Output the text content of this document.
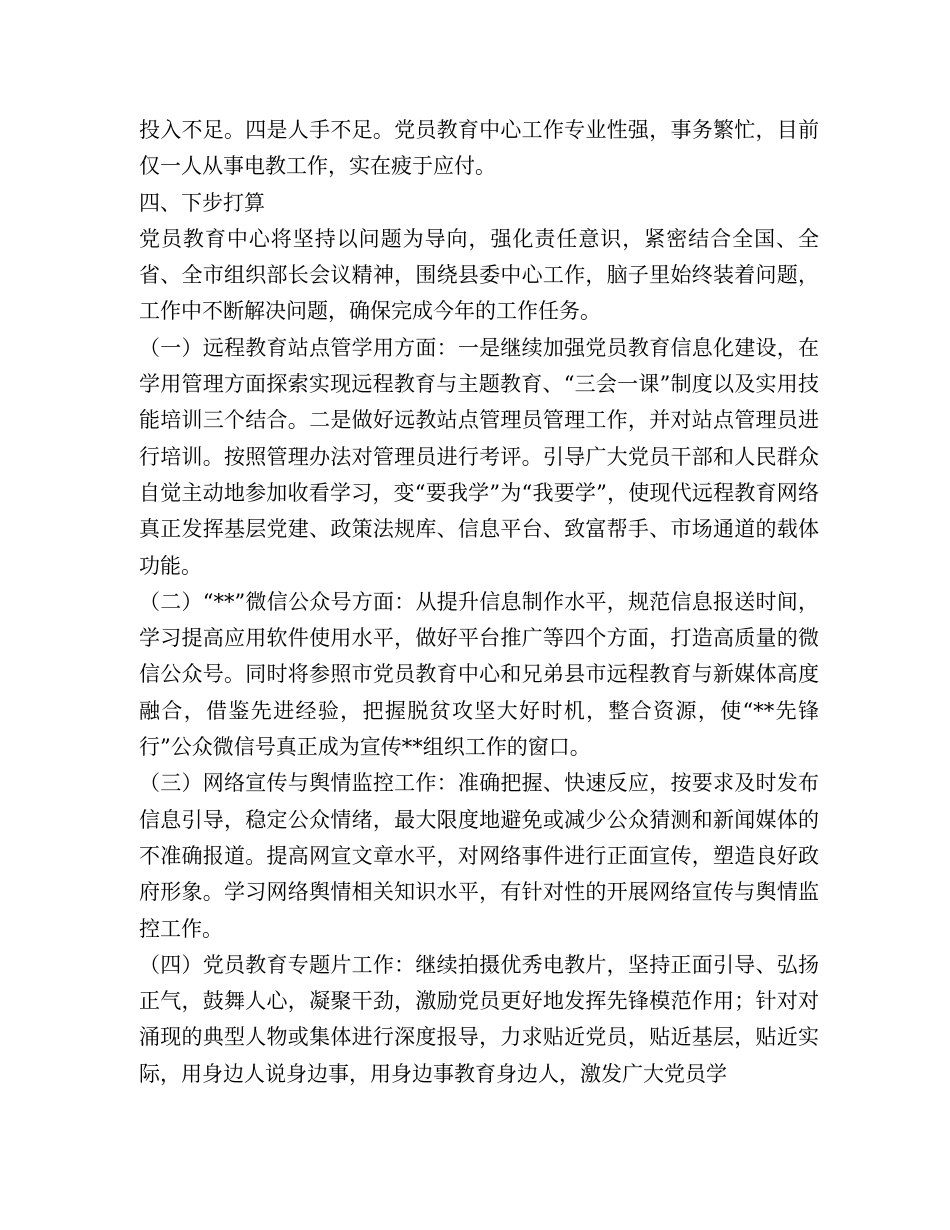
投入不足。四是人手不足。党员教育中心工作专业性强，事务繁忙，目前仅一人从事电教工作，实在疲于应付。

四、下步打算

党员教育中心将坚持以问题为导向，强化责任意识，紧密结合全国、全省、全市组织部长会议精神，围绕县委中心工作，脑子里始终装着问题，工作中不断解决问题，确保完成今年的工作任务。

（一）远程教育站点管学用方面：一是继续加强党员教育信息化建设，在学用管理方面探索实现远程教育与主题教育、“三会一课”制度以及实用技能培训三个结合。二是做好远教站点管理员管理工作，并对站点管理员进行培训。按照管理办法对管理员进行考评。引导广大党员干部和人民群众自觉主动地参加收看学习，变“要我学”为“我要学”，使现代远程教育网络真正发挥基层党建、政策法规库、信息平台、致富帮手、市场通道的载体功能。

（二）“**”微信公众号方面：从提升信息制作水平，规范信息报送时间，学习提高应用软件使用水平，做好平台推广等四个方面，打造高质量的微信公众号。同时将参照市党员教育中心和兄弟县市远程教育与新媒体高度融合，借鉴先进经验，把握脱贫攻坚大好时机，整合资源，使“**先锋行”公众微信号真正成为宣传**组织工作的窗口。

（三）网络宣传与舆情监控工作：准确把握、快速反应，按要求及时发布信息引导，稳定公众情绪，最大限度地避免或减少公众猜测和新闻媒体的不准确报道。提高网宣文章水平，对网络事件进行正面宣传，塑造良好政府形象。学习网络舆情相关知识水平，有针对性的开展网络宣传与舆情监控工作。

（四）党员教育专题片工作：继续拍摄优秀电教片，坚持正面引导、弘扬正气，鼓舞人心，凝聚干劲，激励党员更好地发挥先锋模范作用；针对对涌现的典型人物或集体进行深度报导，力求贴近党员，贴近基层，贴近实际，用身边人说身边事，用身边事教育身边人，激发广大党员学
